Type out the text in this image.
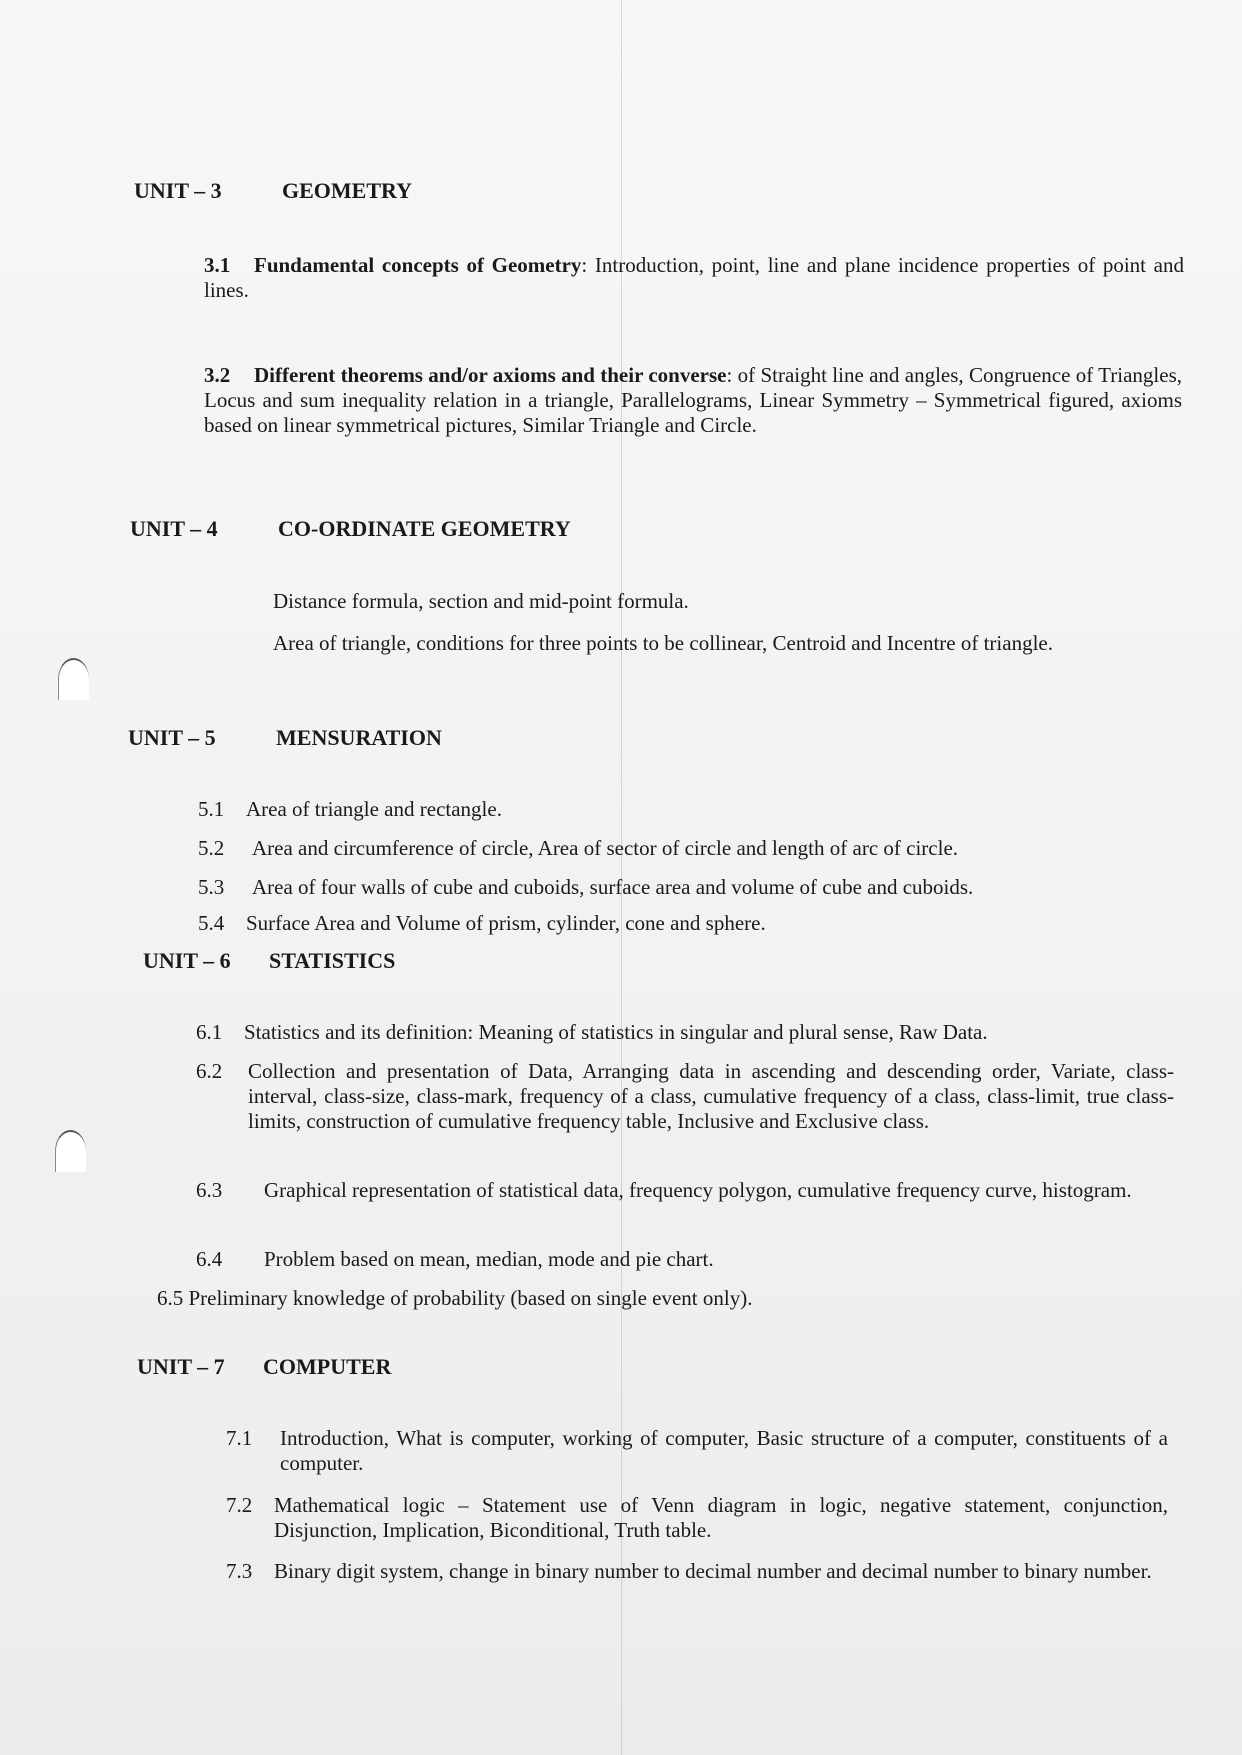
UNIT – 3	GEOMETRY
3.1	Fundamental concepts of Geometry: Introduction, point, line and plane incidence properties of point and lines.
3.2	Different theorems and/or axioms and their converse: of Straight line and angles, Congruence of Triangles, Locus and sum inequality relation in a triangle, Parallelograms, Linear Symmetry – Symmetrical figured, axioms based on linear symmetrical pictures, Similar Triangle and Circle.
UNIT – 4	CO-ORDINATE GEOMETRY
Distance formula, section and mid-point formula.
Area of triangle, conditions for three points to be collinear, Centroid and Incentre of triangle.
UNIT – 5	MENSURATION
5.1	Area of triangle and rectangle.
5.2	Area and circumference of circle, Area of sector of circle and length of arc of circle.
5.3	Area of four walls of cube and cuboids, surface area and volume of cube and cuboids.
5.4	Surface Area and Volume of prism, cylinder, cone and sphere.
UNIT – 6 STATISTICS
6.1	Statistics and its definition: Meaning of statistics in singular and plural sense, Raw Data.
6.2	Collection and presentation of Data, Arranging data in ascending and descending order, Variate, class-interval, class-size, class-mark, frequency of a class, cumulative frequency of a class, class-limit, true class-limits, construction of cumulative frequency table, Inclusive and Exclusive class.
6.3	Graphical representation of statistical data, frequency polygon, cumulative frequency curve, histogram.
6.4	Problem based on mean, median, mode and pie chart.
6.5 Preliminary knowledge of probability (based on single event only).
UNIT – 7 COMPUTER
7.1	Introduction, What is computer, working of computer, Basic structure of a computer, constituents of a computer.
7.2	Mathematical logic – Statement use of Venn diagram in logic, negative statement, conjunction, Disjunction, Implication, Biconditional, Truth table.
7.3	Binary digit system, change in binary number to decimal number and decimal number to binary number.
